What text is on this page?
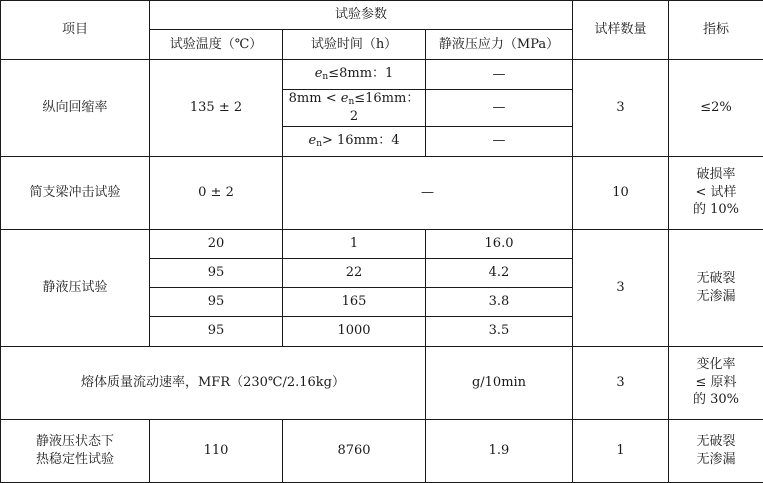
项目	试验参数			试样数量	指标
	试验温度（℃）	试验时间（h）	静液压应力（MPa）		
纵向回缩率	135 ± 2	$e_n\le 8mm$：1	—	3	≤2%
		$8mm < e_n\le 16mm$：2	—		
		$e_n> 16mm$：4	—		
简支梁冲击试验	0 ± 2	—		10	破损率
< 试样
的 10%

静液压试验	20	1	16.0	3	无破裂
无渗漏

	95	22	4.2		
	95	165	3.8		
	95	1000	3.5		
熔体质量流动速率，MFR（230℃/2.16kg）			g/10min	3	变化率
≤ 原料
的 30%

静液压状态下
热稳定性试验	110	8760	1.9	1	无破裂
无渗漏
